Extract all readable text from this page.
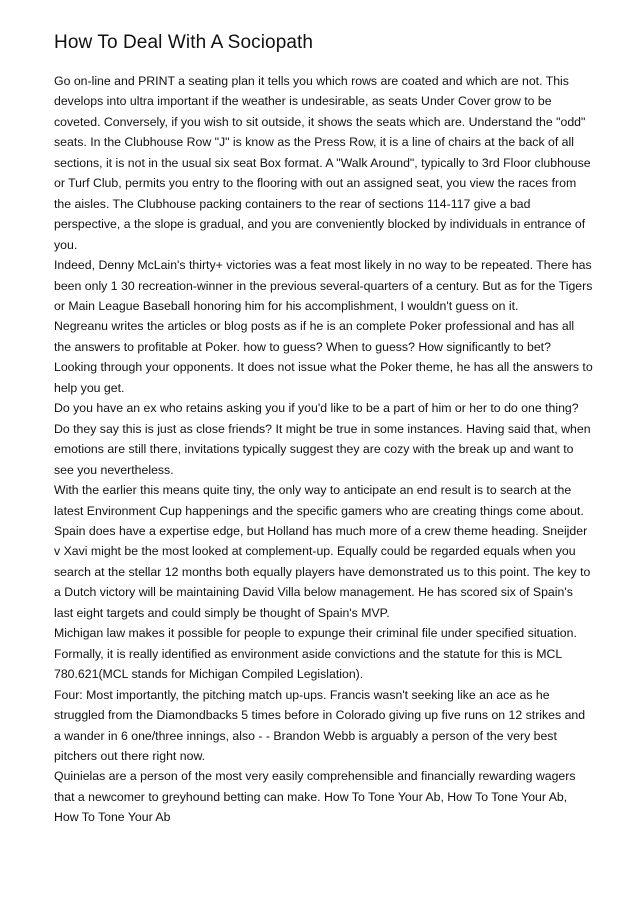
How To Deal With A Sociopath

Go on-line and PRINT a seating plan it tells you which rows are coated and which are not. This develops into ultra important if the weather is undesirable, as seats Under Cover grow to be coveted. Conversely, if you wish to sit outside, it shows the seats which are. Understand the "odd" seats. In the Clubhouse Row "J" is know as the Press Row, it is a line of chairs at the back of all sections, it is not in the usual six seat Box format. A "Walk Around", typically to 3rd Floor clubhouse or Turf Club, permits you entry to the flooring with out an assigned seat, you view the races from the aisles. The Clubhouse packing containers to the rear of sections 114-117 give a bad perspective, a the slope is gradual, and you are conveniently blocked by individuals in entrance of you.

Indeed, Denny McLain's thirty+ victories was a feat most likely in no way to be repeated. There has been only 1 30 recreation-winner in the previous several-quarters of a century. But as for the Tigers or Main League Baseball honoring him for his accomplishment, I wouldn't guess on it.

Negreanu writes the articles or blog posts as if he is an complete Poker professional and has all the answers to profitable at Poker. how to guess? When to guess? How significantly to bet? Looking through your opponents. It does not issue what the Poker theme, he has all the answers to help you get.

Do you have an ex who retains asking you if you'd like to be a part of him or her to do one thing? Do they say this is just as close friends? It might be true in some instances. Having said that, when emotions are still there, invitations typically suggest they are cozy with the break up and want to see you nevertheless.

With the earlier this means quite tiny, the only way to anticipate an end result is to search at the latest Environment Cup happenings and the specific gamers who are creating things come about. Spain does have a expertise edge, but Holland has much more of a crew theme heading. Sneijder v Xavi might be the most looked at complement-up. Equally could be regarded equals when you search at the stellar 12 months both equally players have demonstrated us to this point. The key to a Dutch victory will be maintaining David Villa below management. He has scored six of Spain's last eight targets and could simply be thought of Spain's MVP.

Michigan law makes it possible for people to expunge their criminal file under specified situation. Formally, it is really identified as environment aside convictions and the statute for this is MCL 780.621(MCL stands for Michigan Compiled Legislation).

Four: Most importantly, the pitching match up-ups. Francis wasn't seeking like an ace as he struggled from the Diamondbacks 5 times before in Colorado giving up five runs on 12 strikes and a wander in 6 one/three innings, also - - Brandon Webb is arguably a person of the very best pitchers out there right now.

Quinielas are a person of the most very easily comprehensible and financially rewarding wagers that a newcomer to greyhound betting can make. How To Tone Your Ab, How To Tone Your Ab, How To Tone Your Ab
